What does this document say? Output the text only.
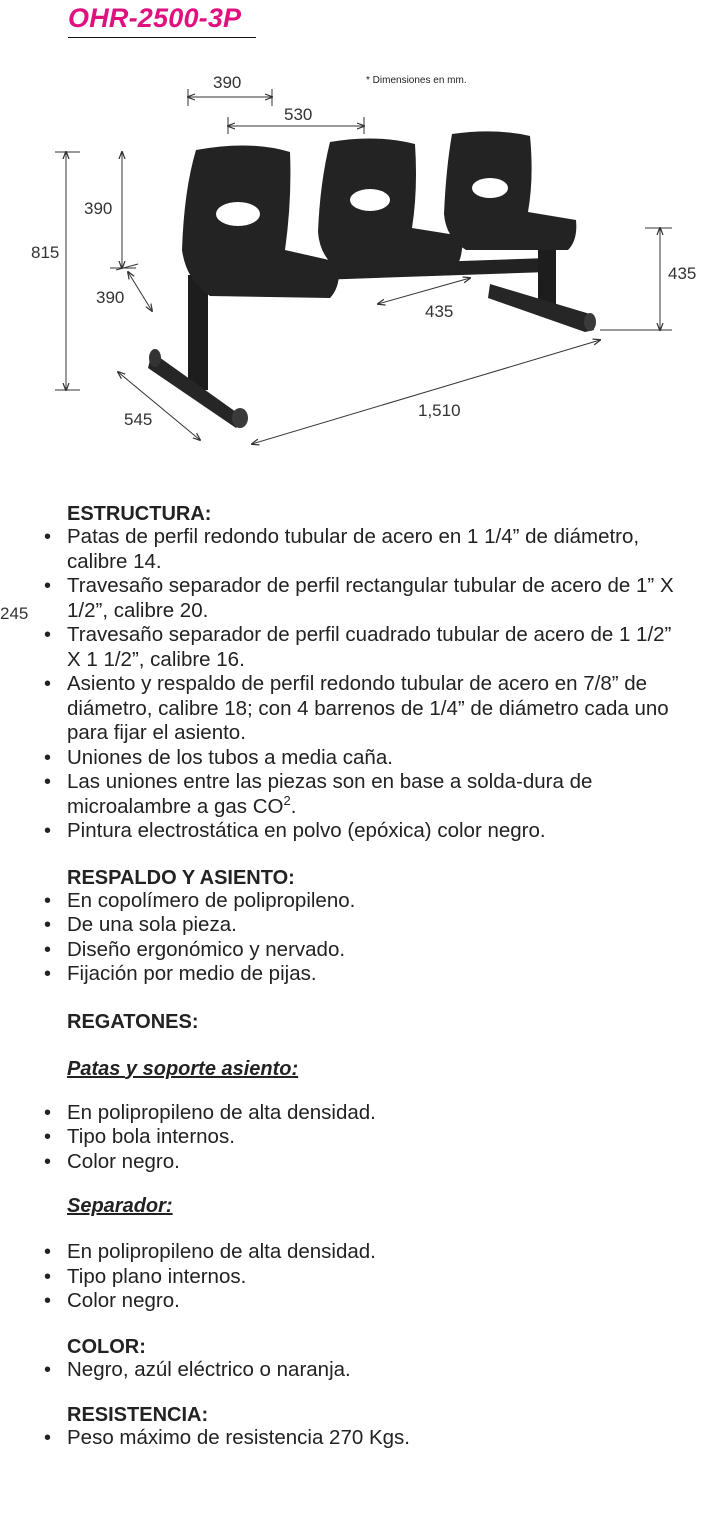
OHR-2500-3P
* Dimensiones en mm.
390
530
815
390
390
435
435
545	1,510
245
ESTRUCTURA:
• Patas de perfil redondo tubular de acero en 1 1/4” de diámetro, calibre 14.
• Travesaño separador de perfil rectangular tubular de acero de 1” X 1/2”, calibre 20.
• Travesaño separador de perfil cuadrado tubular de acero de 1 1/2” X 1 1/2”, calibre 16.
• Asiento y respaldo de perfil redondo tubular de acero en 7/8” de diámetro, calibre 18; con 4 barrenos de 1/4” de diámetro cada uno para fijar el asiento.
• Uniones de los tubos a media caña.
• Las uniones entre las piezas son en base a solda-dura de microalambre a gas $CO^2$.
• Pintura electrostática en polvo (epóxica) color negro.
RESPALDO Y ASIENTO:
• En copolímero de polipropileno.
• De una sola pieza.
• Diseño ergonómico y nervado.
• Fijación por medio de pijas.
REGATONES:
Patas y soporte asiento:
• En polipropileno de alta densidad.
• Tipo bola internos.
• Color negro.
Separador:
• En polipropileno de alta densidad.
• Tipo plano internos.
• Color negro.
COLOR:
• Negro, azúl eléctrico o naranja.
RESISTENCIA:
• Peso máximo de resistencia 270 Kgs.
